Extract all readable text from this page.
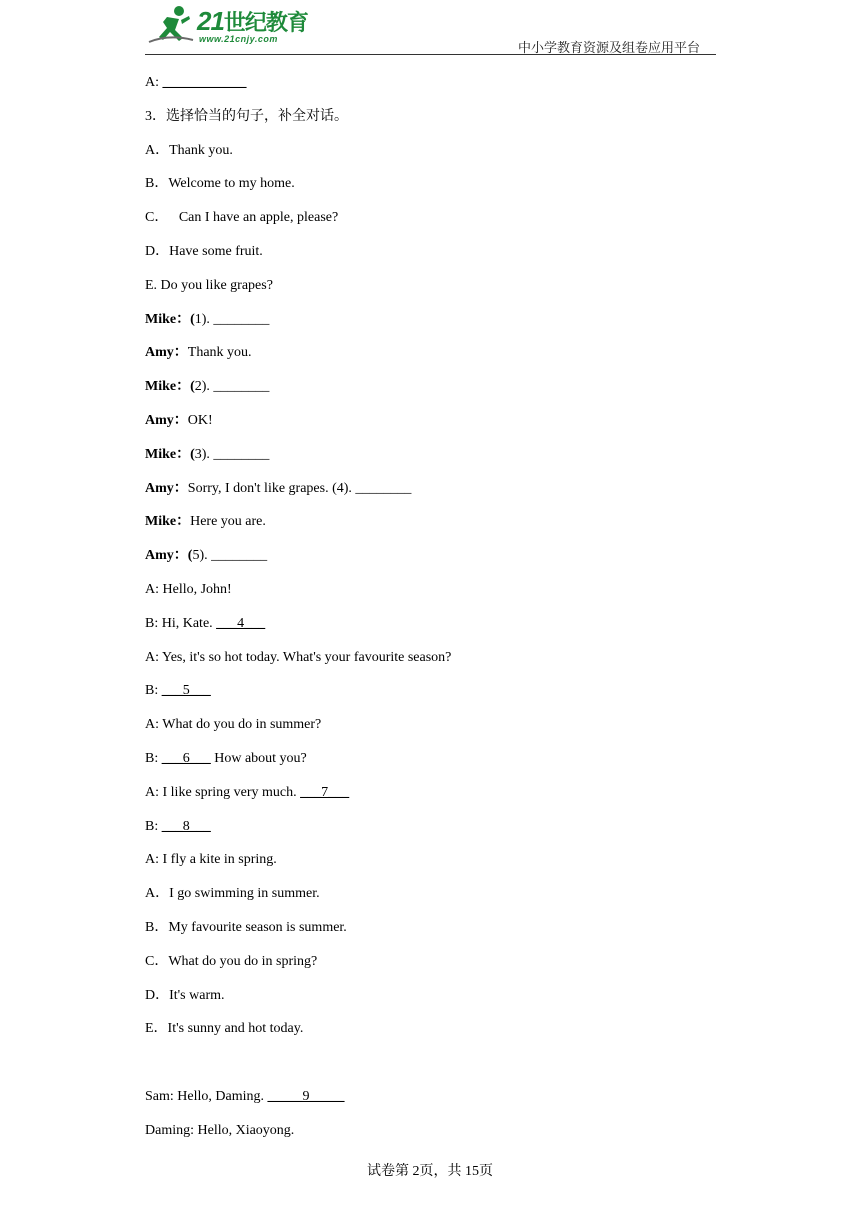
21世纪教育
www.21cnjy.com
中小学教育资源及组卷应用平台
A: ____________
3．选择恰当的句子，补全对话。
A．Thank you.
B．Welcome to my home.
C．   Can I have an apple, please?
D．Have some fruit.
E. Do you like grapes?
Mike：(1). ________
Amy：Thank you.
Mike：(2). ________
Amy：OK!
Mike：(3). ________
Amy：Sorry, I don't like grapes. (4). ________
Mike：Here you are.
Amy：(5). ________
A: Hello, John!
B: Hi, Kate. ___4___
A: Yes, it's so hot today. What's your favourite season?
B: ___5___
A: What do you do in summer?
B: ___6___ How about you?
A: I like spring very much. ___7___
B: ___8___
A: I fly a kite in spring.
A．I go swimming in summer.
B．My favourite season is summer.
C．What do you do in spring?
D．It's warm.
E．It's sunny and hot today.
Sam: Hello, Daming. _____9_____
Daming: Hello, Xiaoyong.
试卷第 2页，共 15页
